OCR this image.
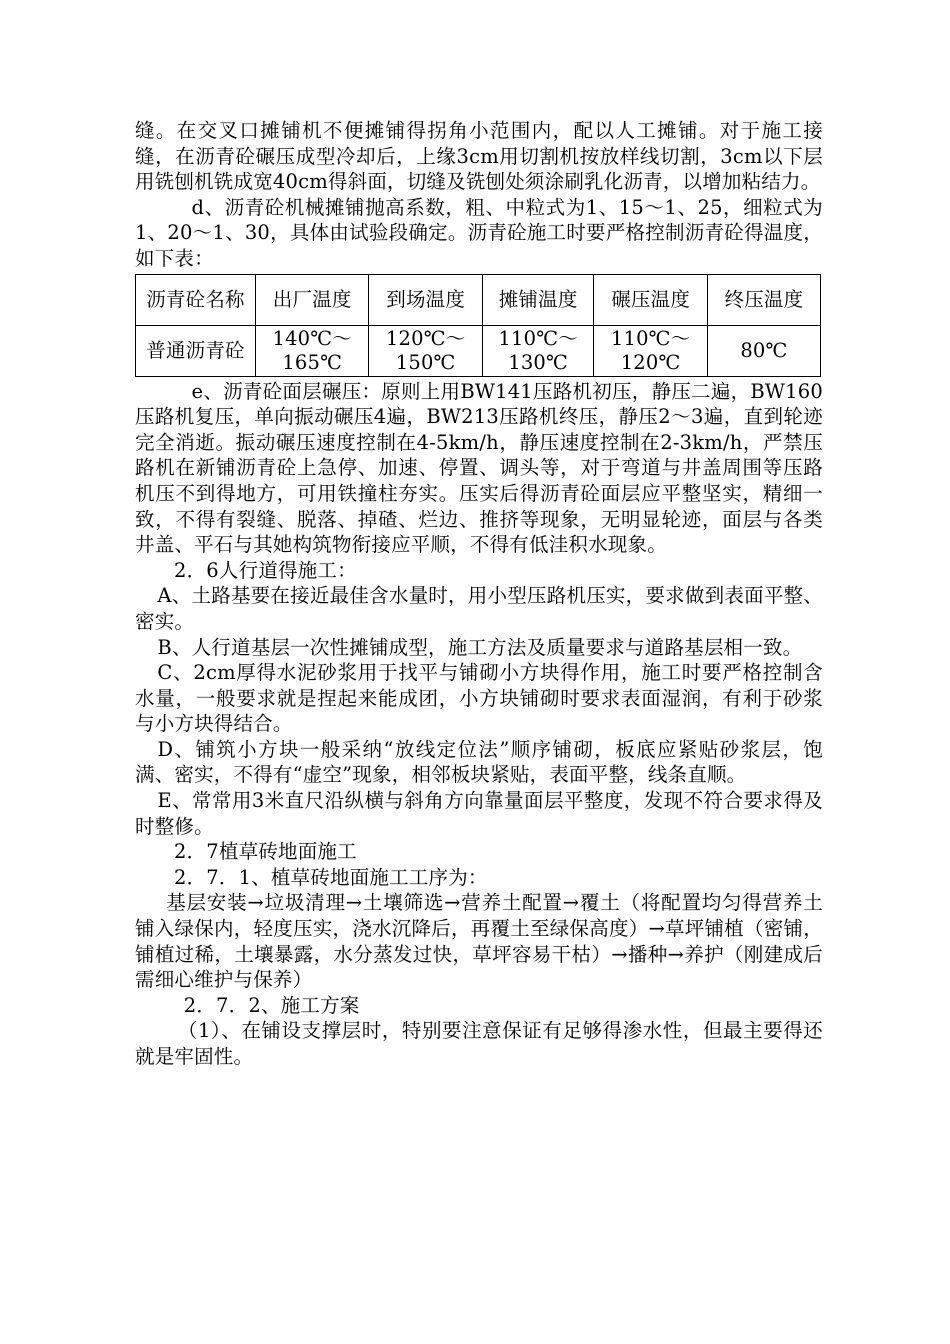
缝。在交叉口摊铺机不便摊铺得拐角小范围内，配以人工摊铺。对于施工接缝，在沥青砼碾压成型冷却后，上缘3cm用切割机按放样线切割，3cm以下层用铣刨机铣成宽40cm得斜面，切缝及铣刨处须涂刷乳化沥青，以增加粘结力。

d、沥青砼机械摊铺抛高系数，粗、中粒式为1、15～1、25，细粒式为1、20～1、30，具体由试验段确定。沥青砼施工时要严格控制沥青砼得温度，如下表：

沥青砼名称	出厂温度	到场温度	摊铺温度	碾压温度	终压温度
普通沥青砼	140℃～165℃	120℃～150℃	110℃～130℃	110℃～120℃	80℃

e、沥青砼面层碾压：原则上用BW141压路机初压，静压二遍，BW160压路机复压，单向振动碾压4遍，BW213压路机终压，静压2～3遍，直到轮迹完全消逝。振动碾压速度控制在4-5km/h，静压速度控制在2-3km/h，严禁压路机在新铺沥青砼上急停、加速、停置、调头等，对于弯道与井盖周围等压路机压不到得地方，可用铁撞柱夯实。压实后得沥青砼面层应平整坚实，精细一致，不得有裂缝、脱落、掉碴、烂边、推挤等现象，无明显轮迹，面层与各类井盖、平石与其她构筑物衔接应平顺，不得有低洼积水现象。

2．6人行道得施工：

A、土路基要在接近最佳含水量时，用小型压路机压实，要求做到表面平整、密实。

B、人行道基层一次性摊铺成型，施工方法及质量要求与道路基层相一致。

C、2cm厚得水泥砂浆用于找平与铺砌小方块得作用，施工时要严格控制含水量，一般要求就是捏起来能成团，小方块铺砌时要求表面湿润，有利于砂浆与小方块得结合。

D、铺筑小方块一般采纳“放线定位法”顺序铺砌，板底应紧贴砂浆层，饱满、密实，不得有“虚空”现象，相邻板块紧贴，表面平整，线条直顺。

E、常常用3米直尺沿纵横与斜角方向靠量面层平整度，发现不符合要求得及时整修。

2．7植草砖地面施工

2．7．1、植草砖地面施工工序为：

基层安装→垃圾清理→土壤筛选→营养土配置→覆土（将配置均匀得营养土铺入绿保内，轻度压实，浇水沉降后，再覆土至绿保高度）→草坪铺植（密铺，铺植过稀，土壤暴露，水分蒸发过快，草坪容易干枯）→播种→养护（刚建成后需细心维护与保养）

2．7．2、施工方案

（1）、在铺设支撑层时，特别要注意保证有足够得渗水性，但最主要得还就是牢固性。
